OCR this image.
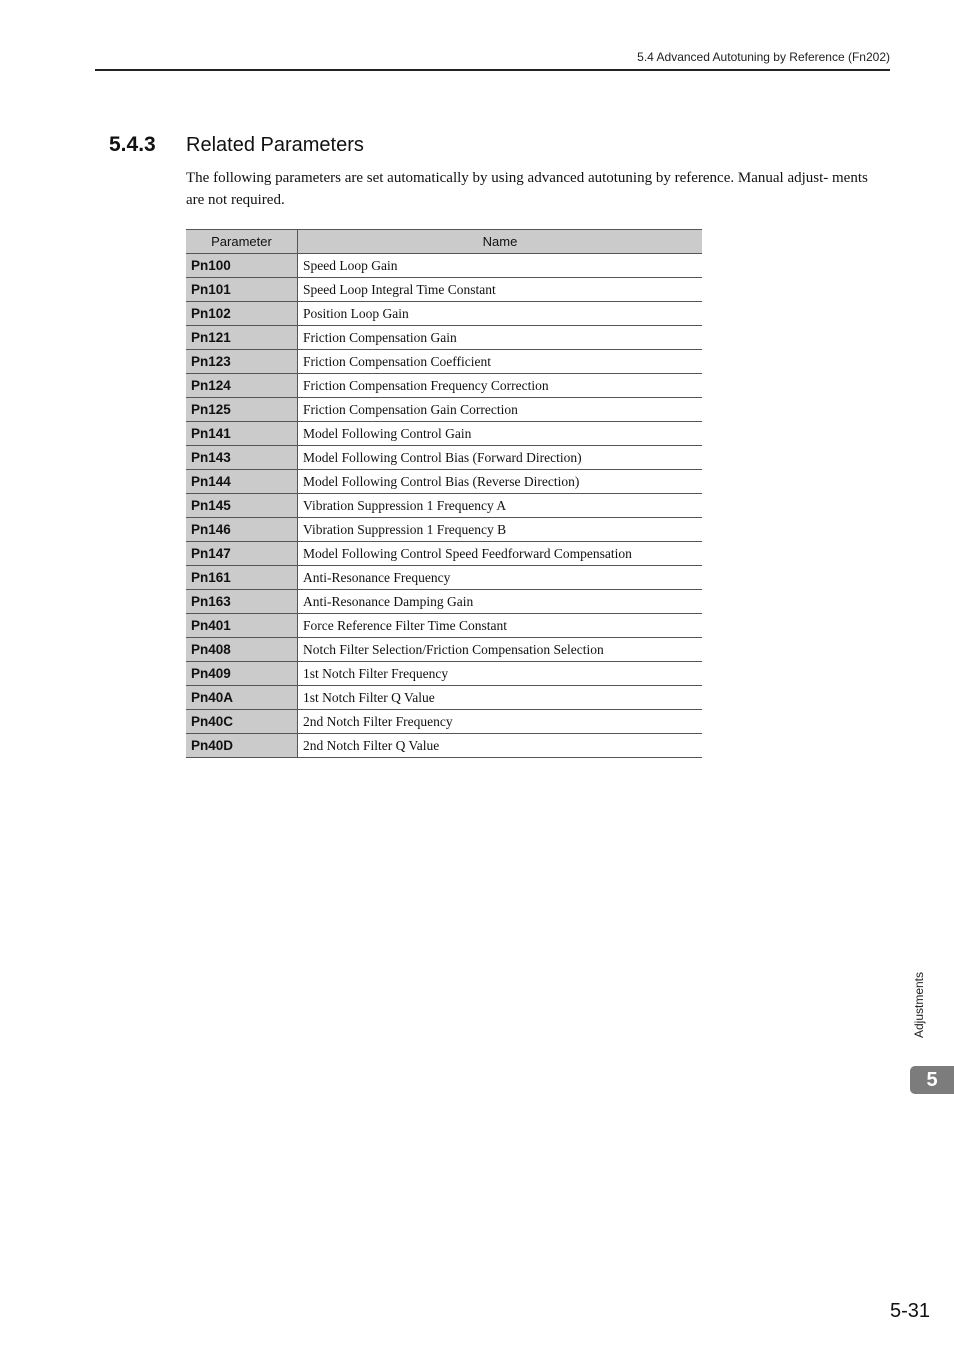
5.4 Advanced Autotuning by Reference (Fn202)
5.4.3 Related Parameters

The following parameters are set automatically by using advanced autotuning by reference. Manual adjust- ments are not required.

Parameter	Name
Pn100	Speed Loop Gain
Pn101	Speed Loop Integral Time Constant
Pn102	Position Loop Gain
Pn121	Friction Compensation Gain
Pn123	Friction Compensation Coefficient
Pn124	Friction Compensation Frequency Correction
Pn125	Friction Compensation Gain Correction
Pn141	Model Following Control Gain
Pn143	Model Following Control Bias (Forward Direction)
Pn144	Model Following Control Bias (Reverse Direction)
Pn145	Vibration Suppression 1 Frequency A
Pn146	Vibration Suppression 1 Frequency B
Pn147	Model Following Control Speed Feedforward Compensation
Pn161	Anti-Resonance Frequency
Pn163	Anti-Resonance Damping Gain
Pn401	Force Reference Filter Time Constant
Pn408	Notch Filter Selection/Friction Compensation Selection
Pn409	1st Notch Filter Frequency
Pn40A	1st Notch Filter Q Value
Pn40C	2nd Notch Filter Frequency
Pn40D	2nd Notch Filter Q Value
Adjustments
5
5-31
